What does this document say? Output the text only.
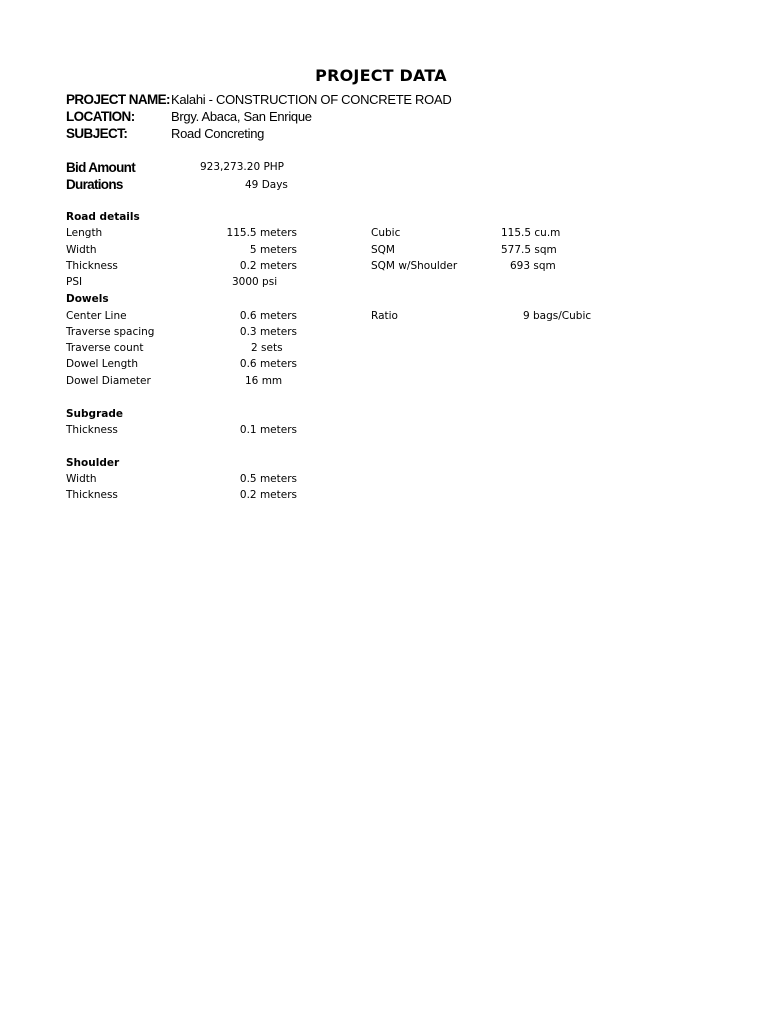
PROJECT DATA
PROJECT NAME: Kalahi - CONSTRUCTION OF CONCRETE ROAD
LOCATION:	Brgy. Abaca, San Enrique
SUBJECT:	Road Concreting
Bid Amount	923,273.20 PHP
Durations	49 Days
Road details
Length	115.5 meters	Cubic	115.5 cu.m
Width	5 meters	SQM	577.5 sqm
Thickness	0.2 meters	SQM w/Shoulder	693 sqm
PSI	3000 psi
Dowels
Center Line	0.6 meters	Ratio	9 bags/Cubic
Traverse spacing	0.3 meters
Traverse count	2 sets
Dowel Length	0.6 meters
Dowel Diameter	16 mm
Subgrade
Thickness	0.1 meters
Shoulder
Width	0.5 meters
Thickness	0.2 meters
